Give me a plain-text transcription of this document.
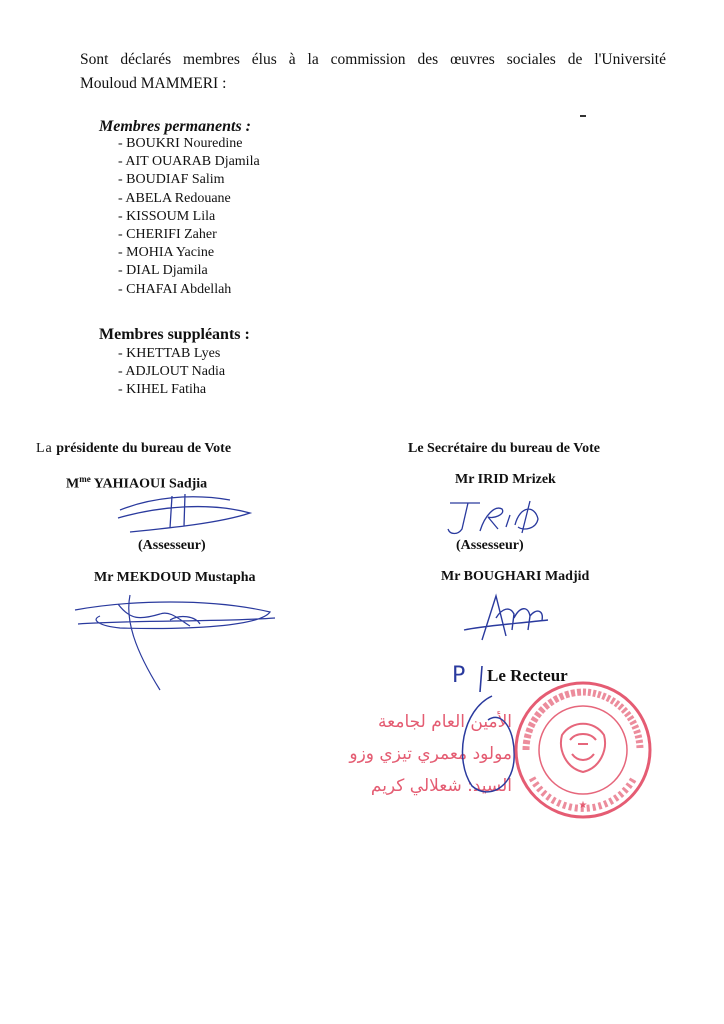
Sont déclarés membres élus à la commission des œuvres sociales de l'Université
Mouloud MAMMERI :
Membres permanents :
- BOUKRI Nouredine
- AIT OUARAB Djamila
- BOUDIAF Salim
- ABELA Redouane
- KISSOUM Lila
- CHERIFI Zaher
- MOHIA Yacine
- DIAL Djamila
- CHAFAI Abdellah
Membres suppléants :
- KHETTAB Lyes
- ADJLOUT Nadia
- KIHEL Fatiha
La présidente du bureau de Vote	Le Secrétaire du bureau de Vote
$M^{me}$ YAHIAOUI Sadjia	Mr IRID Mrizek
(Assesseur)	(Assesseur)
Mr MEKDOUD Mustapha	Mr BOUGHARI Madjid
P Le Recteur
الأمين العام لجامعة
مولود معمري تيزي وزو
السيد: شعلالي كريم
★
